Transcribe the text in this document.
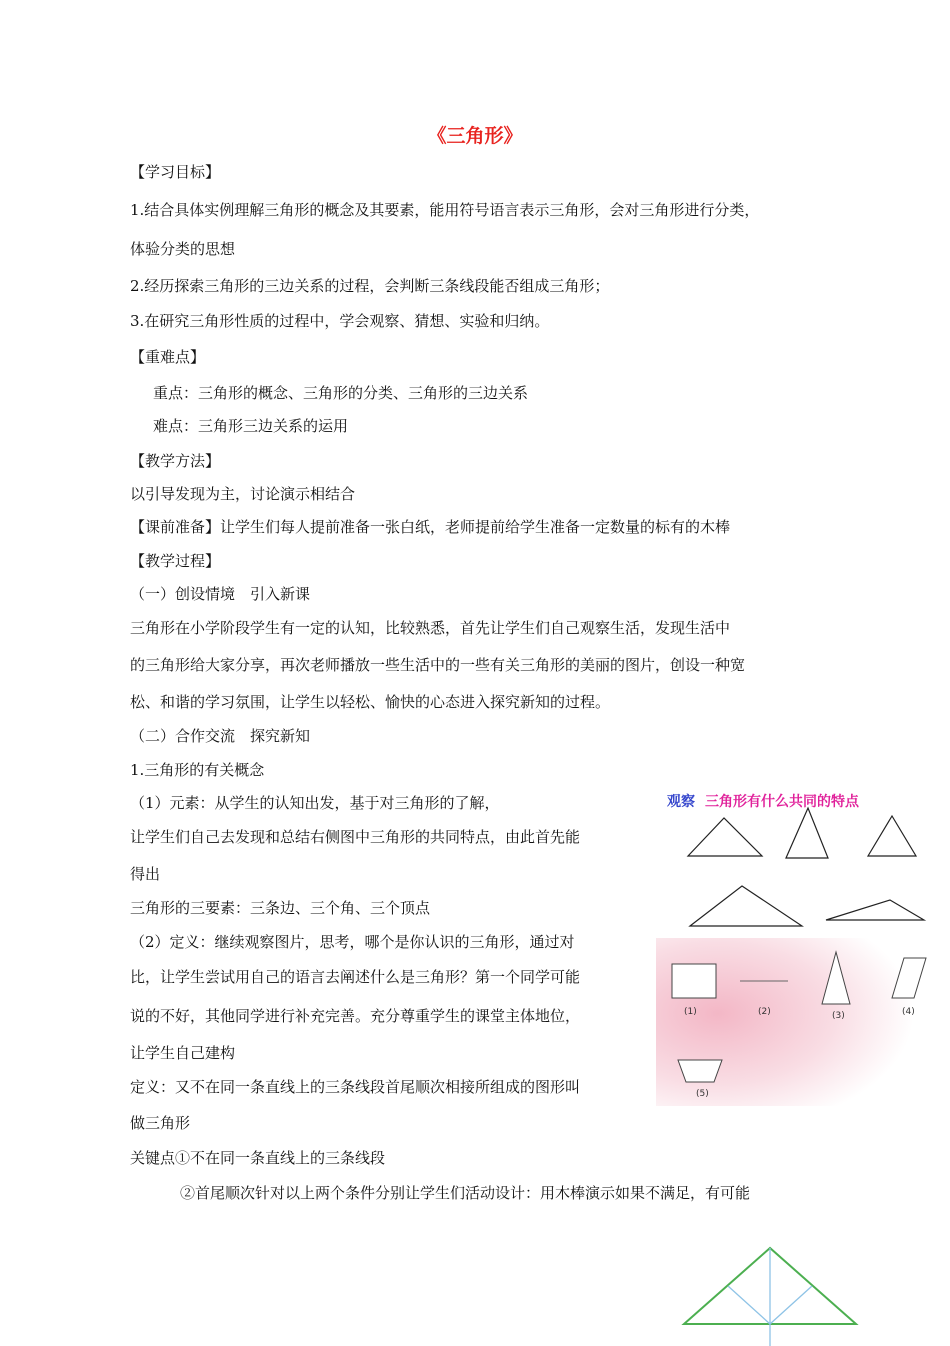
《三角形》
【学习目标】
1.结合具体实例理解三角形的概念及其要素，能用符号语言表示三角形，会对三角形进行分类，
体验分类的思想
2.经历探索三角形的三边关系的过程，会判断三条线段能否组成三角形；
3.在研究三角形性质的过程中，学会观察、猜想、实验和归纳。
【重难点】
重点：三角形的概念、三角形的分类、三角形的三边关系
难点：三角形三边关系的运用
【教学方法】
以引导发现为主，讨论演示相结合
【课前准备】让学生们每人提前准备一张白纸，老师提前给学生准备一定数量的标有的木棒
【教学过程】
（一）创设情境　引入新课
三角形在小学阶段学生有一定的认知，比较熟悉，首先让学生们自己观察生活，发现生活中
的三角形给大家分享，再次老师播放一些生活中的一些有关三角形的美丽的图片，创设一种宽
松、和谐的学习氛围，让学生以轻松、愉快的心态进入探究新知的过程。
（二）合作交流　探究新知
1.三角形的有关概念
（1）元素：从学生的认知出发，基于对三角形的了解，
让学生们自己去发现和总结右侧图中三角形的共同特点，由此首先能
得出
三角形的三要素：三条边、三个角、三个顶点
（2）定义：继续观察图片，思考，哪个是你认识的三角形，通过对
比，让学生尝试用自己的语言去阐述什么是三角形？第一个同学可能
说的不好，其他同学进行补充完善。充分尊重学生的课堂主体地位，
让学生自己建构
定义：又不在同一条直线上的三条线段首尾顺次相接所组成的图形叫
做三角形
关键点①不在同一条直线上的三条线段
②首尾顺次针对以上两个条件分别让学生们活动设计：用木棒演示如果不满足，有可能
观察 三角形有什么共同的特点
(1)	(2)	(3)	(4)
(5)
